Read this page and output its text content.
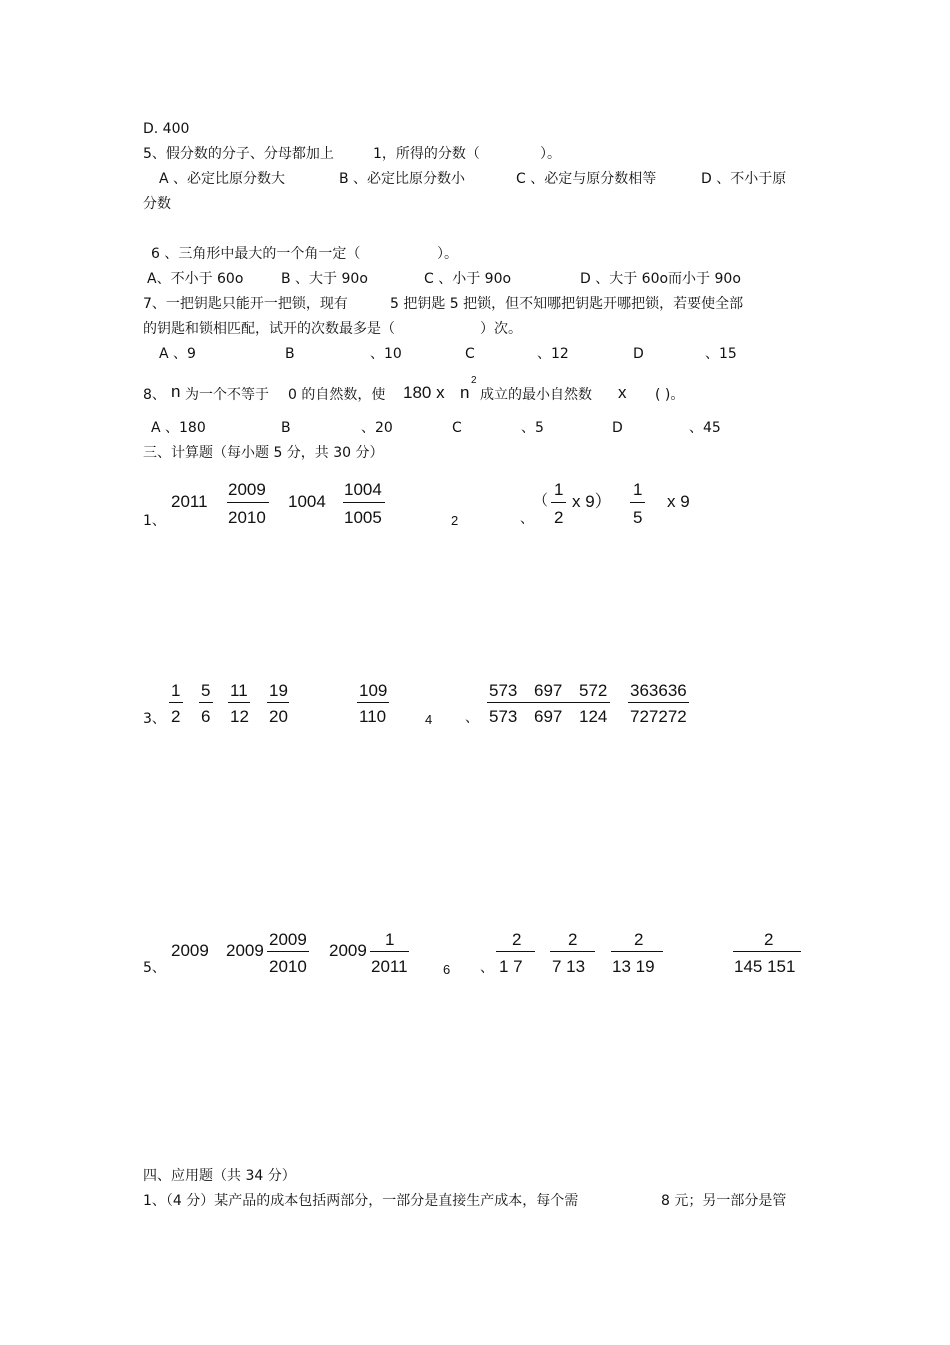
D. 400
5、假分数的分子、分母都加上	1，所得的分数（	）。
A 、必定比原分数大	B 、必定比原分数小	C 、必定与原分数相等	D 、不小于原
分数
6 、三角形中最大的一个角一定（	）。
A、不小于 60o	B 、大于 90o	C 、小于 90o	D 、大于 60o而小于 90o
7、一把钥匙只能开一把锁，现有	5 把钥匙 5 把锁，但不知哪把钥匙开哪把锁，若要使全部
的钥匙和锁相匹配，试开的次数最多是（	）次。
A 、9	B	、10	C	、12	D	、15
8、 n 为一个不等于 0 的自然数，使 180 x n
2
成立的最小自然数 x ( )。
A 、180	B	、20	C	、5	D	、45
三、计算题（每小题 5 分，共 30 分）
1、
2011
2009
2010
1004
1004
1005	2	、
（
1
2
x 9）
1
5
x 9
3、
1
2
5
6
11
12
19
20
109
110	4 、
573 697 572
573 697 124
363636
727272
5、
2009 2009
2009
2010
2009
1
2011	6 、
2
1 7
2
7 13
2
13 19
2
145 151
四、应用题（共 34 分）
1、（4 分）某产品的成本包括两部分，一部分是直接生产成本，每个需	8 元；另一部分是管
